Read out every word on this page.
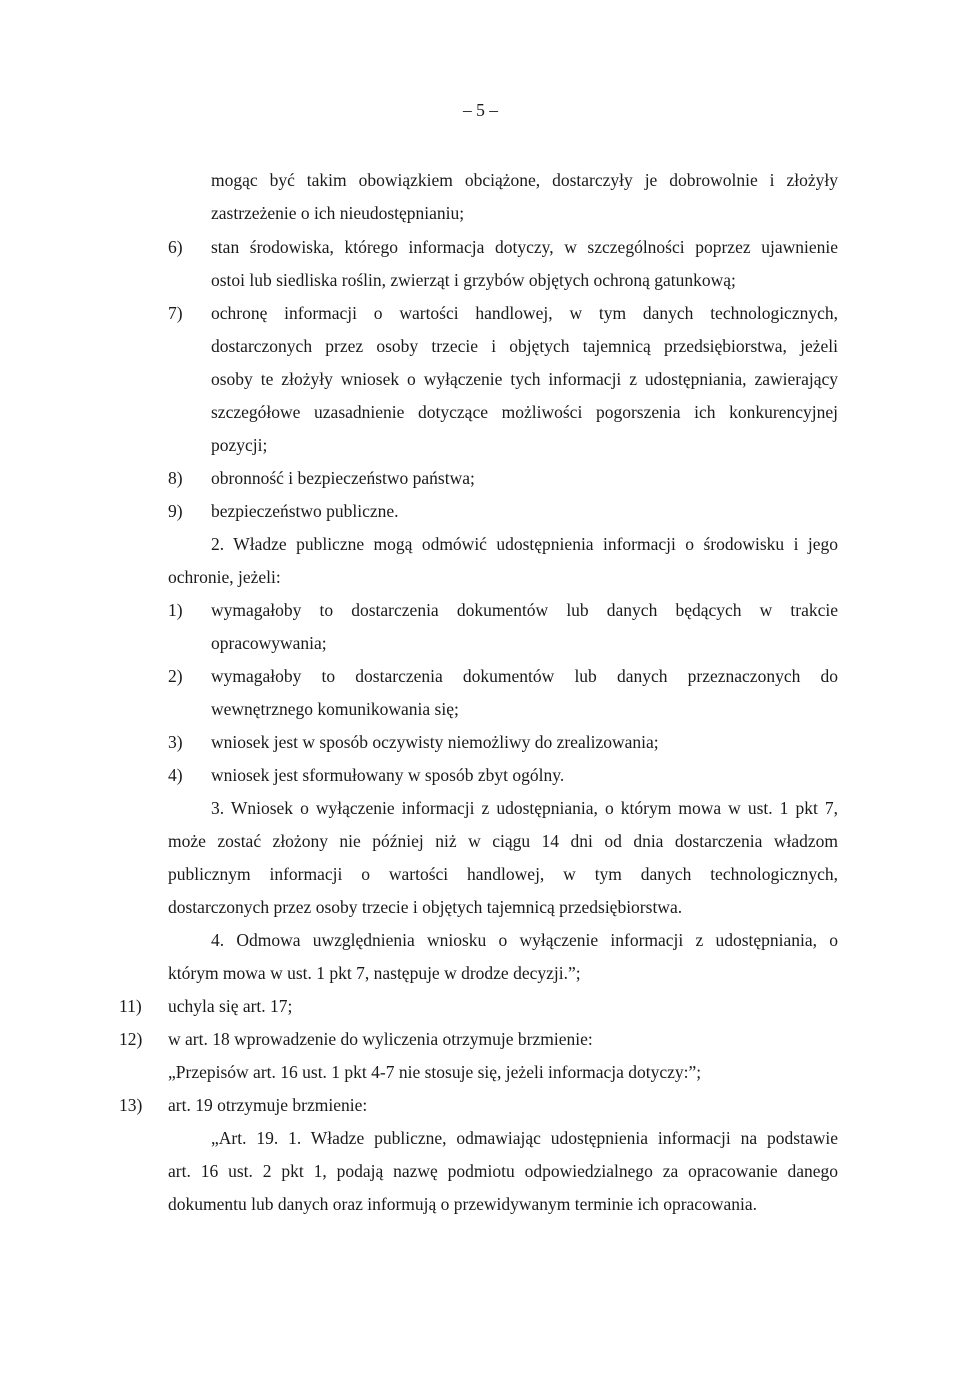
– 5 –
mogąc być takim obowiązkiem obciążone, dostarczyły je dobrowolnie i złożyły
zastrzeżenie o ich nieudostępnianiu;
6) stan środowiska, którego informacja dotyczy, w szczególności poprzez ujawnienie
ostoi lub siedliska roślin, zwierząt i grzybów objętych ochroną gatunkową;
7) ochronę informacji o wartości handlowej, w tym danych technologicznych,
dostarczonych przez osoby trzecie i objętych tajemnicą przedsiębiorstwa, jeżeli
osoby te złożyły wniosek o wyłączenie tych informacji z udostępniania, zawierający
szczegółowe uzasadnienie dotyczące możliwości pogorszenia ich konkurencyjnej
pozycji;
8) obronność i bezpieczeństwo państwa;
9) bezpieczeństwo publiczne.
2. Władze publiczne mogą odmówić udostępnienia informacji o środowisku i jego
ochronie, jeżeli:
1) wymagałoby to dostarczenia dokumentów lub danych będących w trakcie
opracowywania;
2) wymagałoby to dostarczenia dokumentów lub danych przeznaczonych do
wewnętrznego komunikowania się;
3) wniosek jest w sposób oczywisty niemożliwy do zrealizowania;
4) wniosek jest sformułowany w sposób zbyt ogólny.
3. Wniosek o wyłączenie informacji z udostępniania, o którym mowa w ust. 1 pkt 7,
może zostać złożony nie później niż w ciągu 14 dni od dnia dostarczenia władzom
publicznym informacji o wartości handlowej, w tym danych technologicznych,
dostarczonych przez osoby trzecie i objętych tajemnicą przedsiębiorstwa.
4. Odmowa uwzględnienia wniosku o wyłączenie informacji z udostępniania, o
którym mowa w ust. 1 pkt 7, następuje w drodze decyzji.”;
11) uchyla się art. 17;
12) w art. 18 wprowadzenie do wyliczenia otrzymuje brzmienie:
„Przepisów art. 16 ust. 1 pkt 4-7 nie stosuje się, jeżeli informacja dotyczy:”;
13) art. 19 otrzymuje brzmienie:
„Art. 19. 1. Władze publiczne, odmawiając udostępnienia informacji na podstawie
art. 16 ust. 2 pkt 1, podają nazwę podmiotu odpowiedzialnego za opracowanie danego
dokumentu lub danych oraz informują o przewidywanym terminie ich opracowania.
